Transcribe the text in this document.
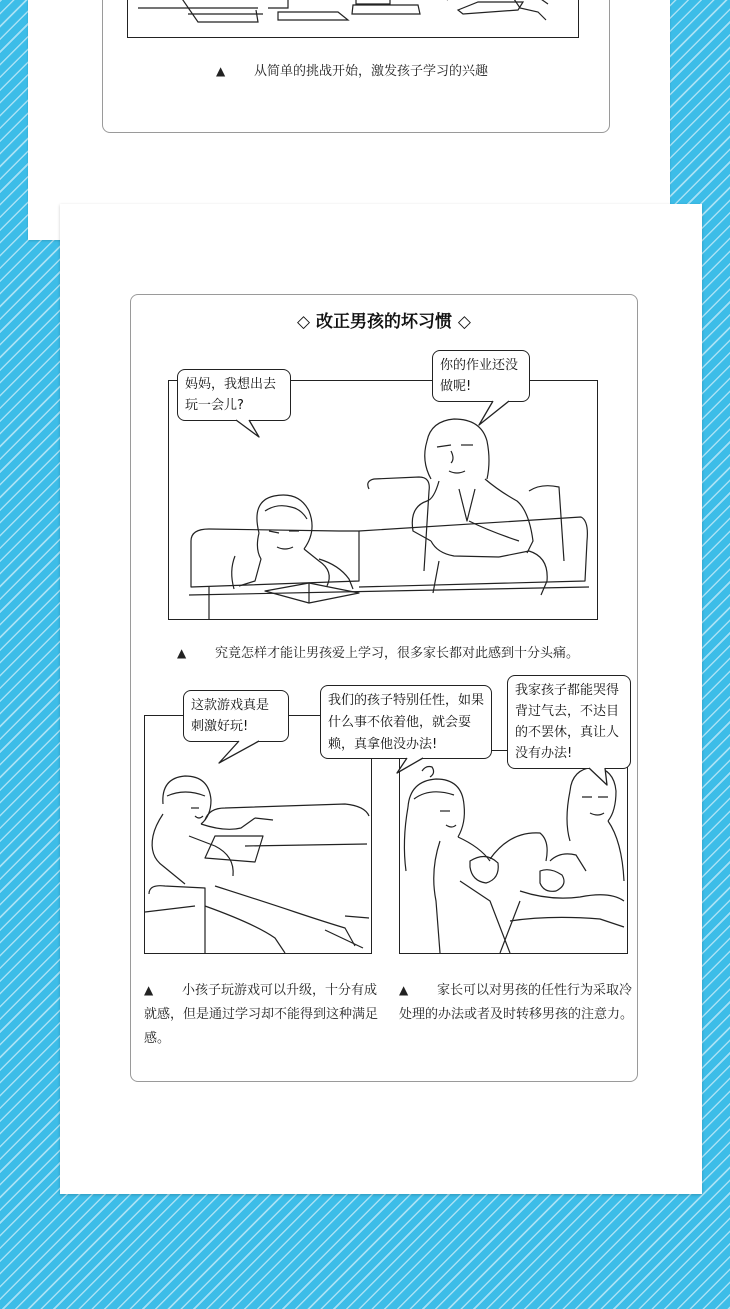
▲ 从简单的挑战开始，激发孩子学习的兴趣
◇ 改正男孩的坏习惯 ◇
妈妈，我想出去玩一会儿?
你的作业还没做呢!
▲ 究竟怎样才能让男孩爱上学习，很多家长都对此感到十分头痛。
这款游戏真是刺激好玩!
我们的孩子特别任性，如果什么事不依着他，就会耍赖，真拿他没办法!
我家孩子都能哭得背过气去，不达目的不罢休，真让人没有办法!
▲ 小孩子玩游戏可以升级，十分有成就感，但是通过学习却不能得到这种满足感。
▲ 家长可以对男孩的任性行为采取冷处理的办法或者及时转移男孩的注意力。
